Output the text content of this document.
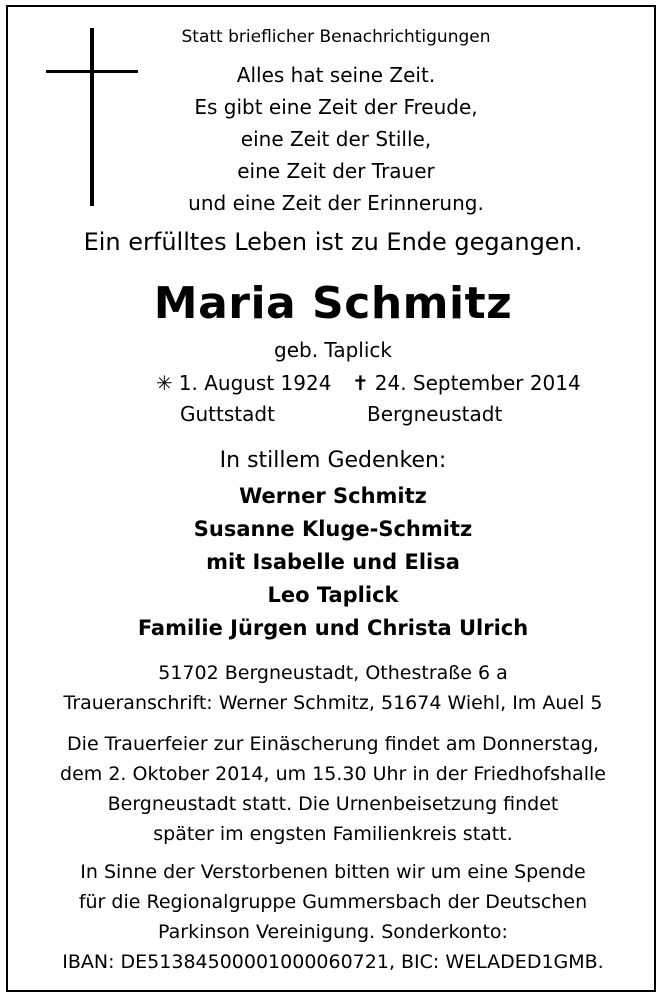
Statt brieflicher Benachrichtigungen
Alles hat seine Zeit.
Es gibt eine Zeit der Freude,
eine Zeit der Stille,
eine Zeit der Trauer
und eine Zeit der Erinnerung.
Ein erfülltes Leben ist zu Ende gegangen.
Maria Schmitz
geb. Taplick
✳ 1. August 1924 ✝ 24. September 2014
Guttstadt	Bergneustadt
In stillem Gedenken:
Werner Schmitz
Susanne Kluge-Schmitz
mit Isabelle und Elisa
Leo Taplick
Familie Jürgen und Christa Ulrich
51702 Bergneustadt, Othestraße 6 a
Traueranschrift: Werner Schmitz, 51674 Wiehl, Im Auel 5
Die Trauerfeier zur Einäscherung findet am Donnerstag,
dem 2. Oktober 2014, um 15.30 Uhr in der Friedhofshalle
Bergneustadt statt. Die Urnenbeisetzung findet
später im engsten Familienkreis statt.
In Sinne der Verstorbenen bitten wir um eine Spende
für die Regionalgruppe Gummersbach der Deutschen
Parkinson Vereinigung. Sonderkonto:
IBAN: DE51384500001000060721, BIC: WELADED1GMB.
